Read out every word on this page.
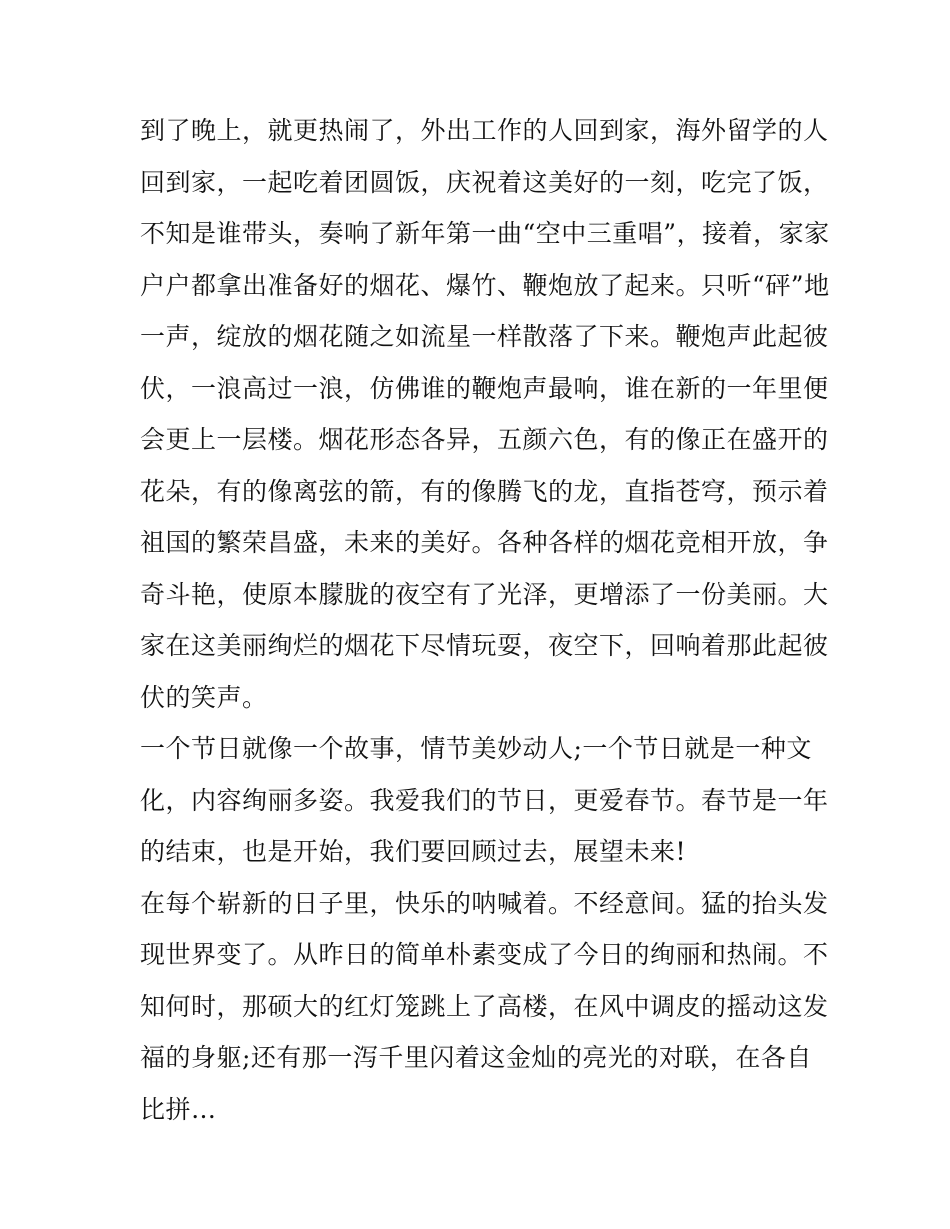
到了晚上，就更热闹了，外出工作的人回到家，海外留学的人
回到家，一起吃着团圆饭，庆祝着这美好的一刻，吃完了饭，
不知是谁带头，奏响了新年第一曲“空中三重唱”，接着，家家
户户都拿出准备好的烟花、爆竹、鞭炮放了起来。只听“砰”地
一声，绽放的烟花随之如流星一样散落了下来。鞭炮声此起彼
伏，一浪高过一浪，仿佛谁的鞭炮声最响，谁在新的一年里便
会更上一层楼。烟花形态各异，五颜六色，有的像正在盛开的
花朵，有的像离弦的箭，有的像腾飞的龙，直指苍穹，预示着
祖国的繁荣昌盛，未来的美好。各种各样的烟花竞相开放，争
奇斗艳，使原本朦胧的夜空有了光泽，更增添了一份美丽。大
家在这美丽绚烂的烟花下尽情玩耍，夜空下，回响着那此起彼
伏的笑声。
一个节日就像一个故事，情节美妙动人;一个节日就是一种文
化，内容绚丽多姿。我爱我们的节日，更爱春节。春节是一年
的结束，也是开始，我们要回顾过去，展望未来!
在每个崭新的日子里，快乐的呐喊着。不经意间。猛的抬头发
现世界变了。从昨日的简单朴素变成了今日的绚丽和热闹。不
知何时，那硕大的红灯笼跳上了高楼，在风中调皮的摇动这发
福的身躯;还有那一泻千里闪着这金灿的亮光的对联，在各自
比拼…
